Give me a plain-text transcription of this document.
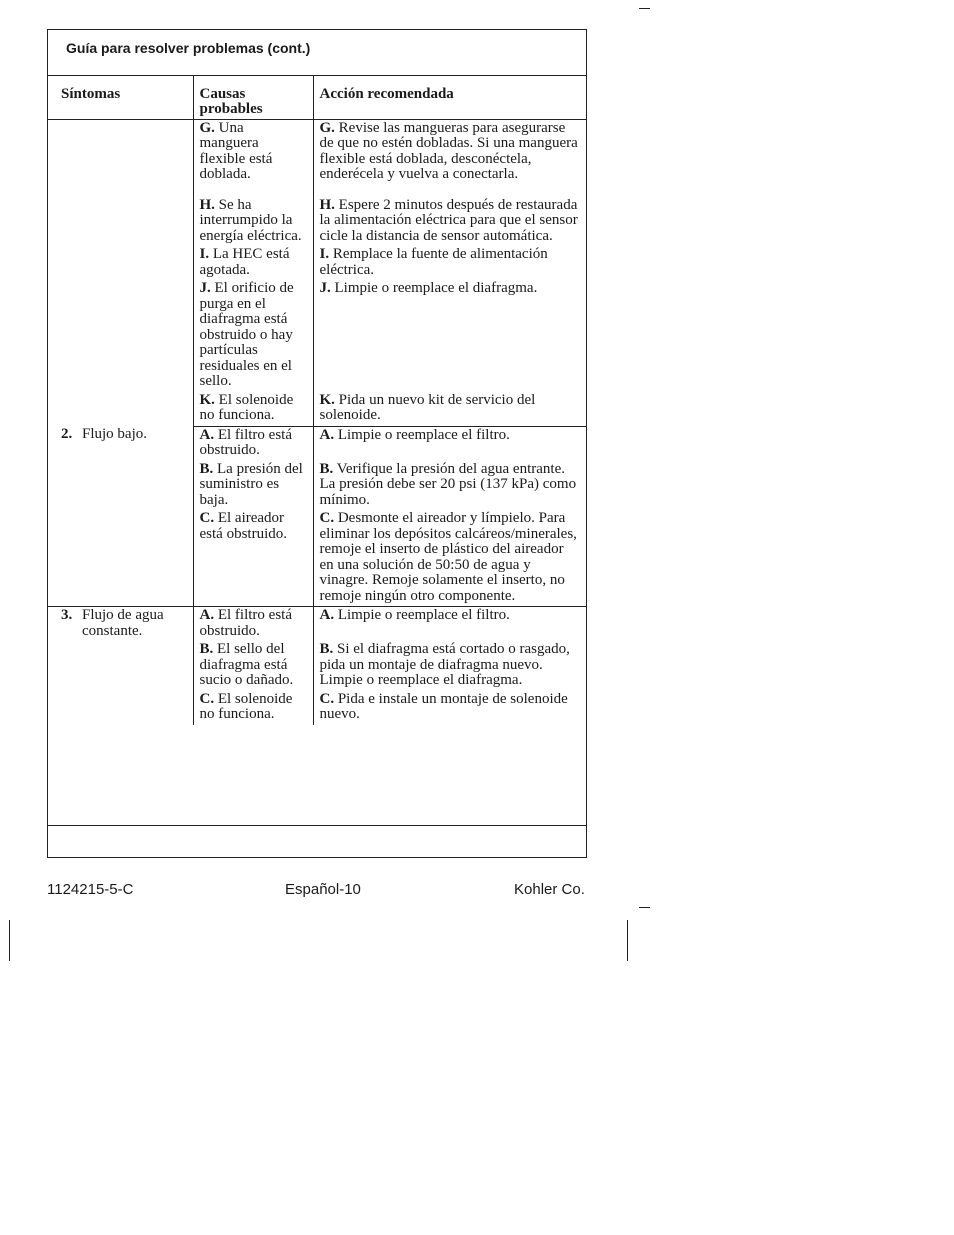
Guía para resolver problemas (cont.)
Síntomas	Causas probables	Acción recomendada

	G. Una manguera flexible está doblada.	G. Revise las mangueras para asegurarse de que no estén dobladas. Si una manguera flexible está doblada, desconéctela, enderécela y vuelva a conectarla.

	H. Se ha interrumpido la energía eléctrica.	H. Espere 2 minutos después de restaurada la alimentación eléctrica para que el sensor cicle la distancia de sensor automática.

	I. La HEC está agotada.	I. Remplace la fuente de alimentación eléctrica.

	J. El orificio de purga en el diafragma está obstruido o hay partículas residuales en el sello.	J. Limpie o reemplace el diafragma.

	K. El solenoide no funciona.	K. Pida un nuevo kit de servicio del solenoide.

2. Flujo bajo.	A. El filtro está obstruido.	A. Limpie o reemplace el filtro.

	B. La presión del suministro es baja.	B. Verifique la presión del agua entrante. La presión debe ser 20 psi (137 kPa) como mínimo.

	C. El aireador está obstruido.	C. Desmonte el aireador y límpielo. Para eliminar los depósitos calcáreos/minerales, remoje el inserto de plástico del aireador en una solución de 50:50 de agua y vinagre. Remoje solamente el inserto, no remoje ningún otro componente.

3. Flujo de agua constante.	A. El filtro está obstruido.	A. Limpie o reemplace el filtro.

	B. El sello del diafragma está sucio o dañado.	B. Si el diafragma está cortado o rasgado, pida un montaje de diafragma nuevo. Limpie o reemplace el diafragma.

	C. El solenoide no funciona.	C. Pida e instale un montaje de solenoide nuevo.

1124215-5-C	Español-10	Kohler Co.
